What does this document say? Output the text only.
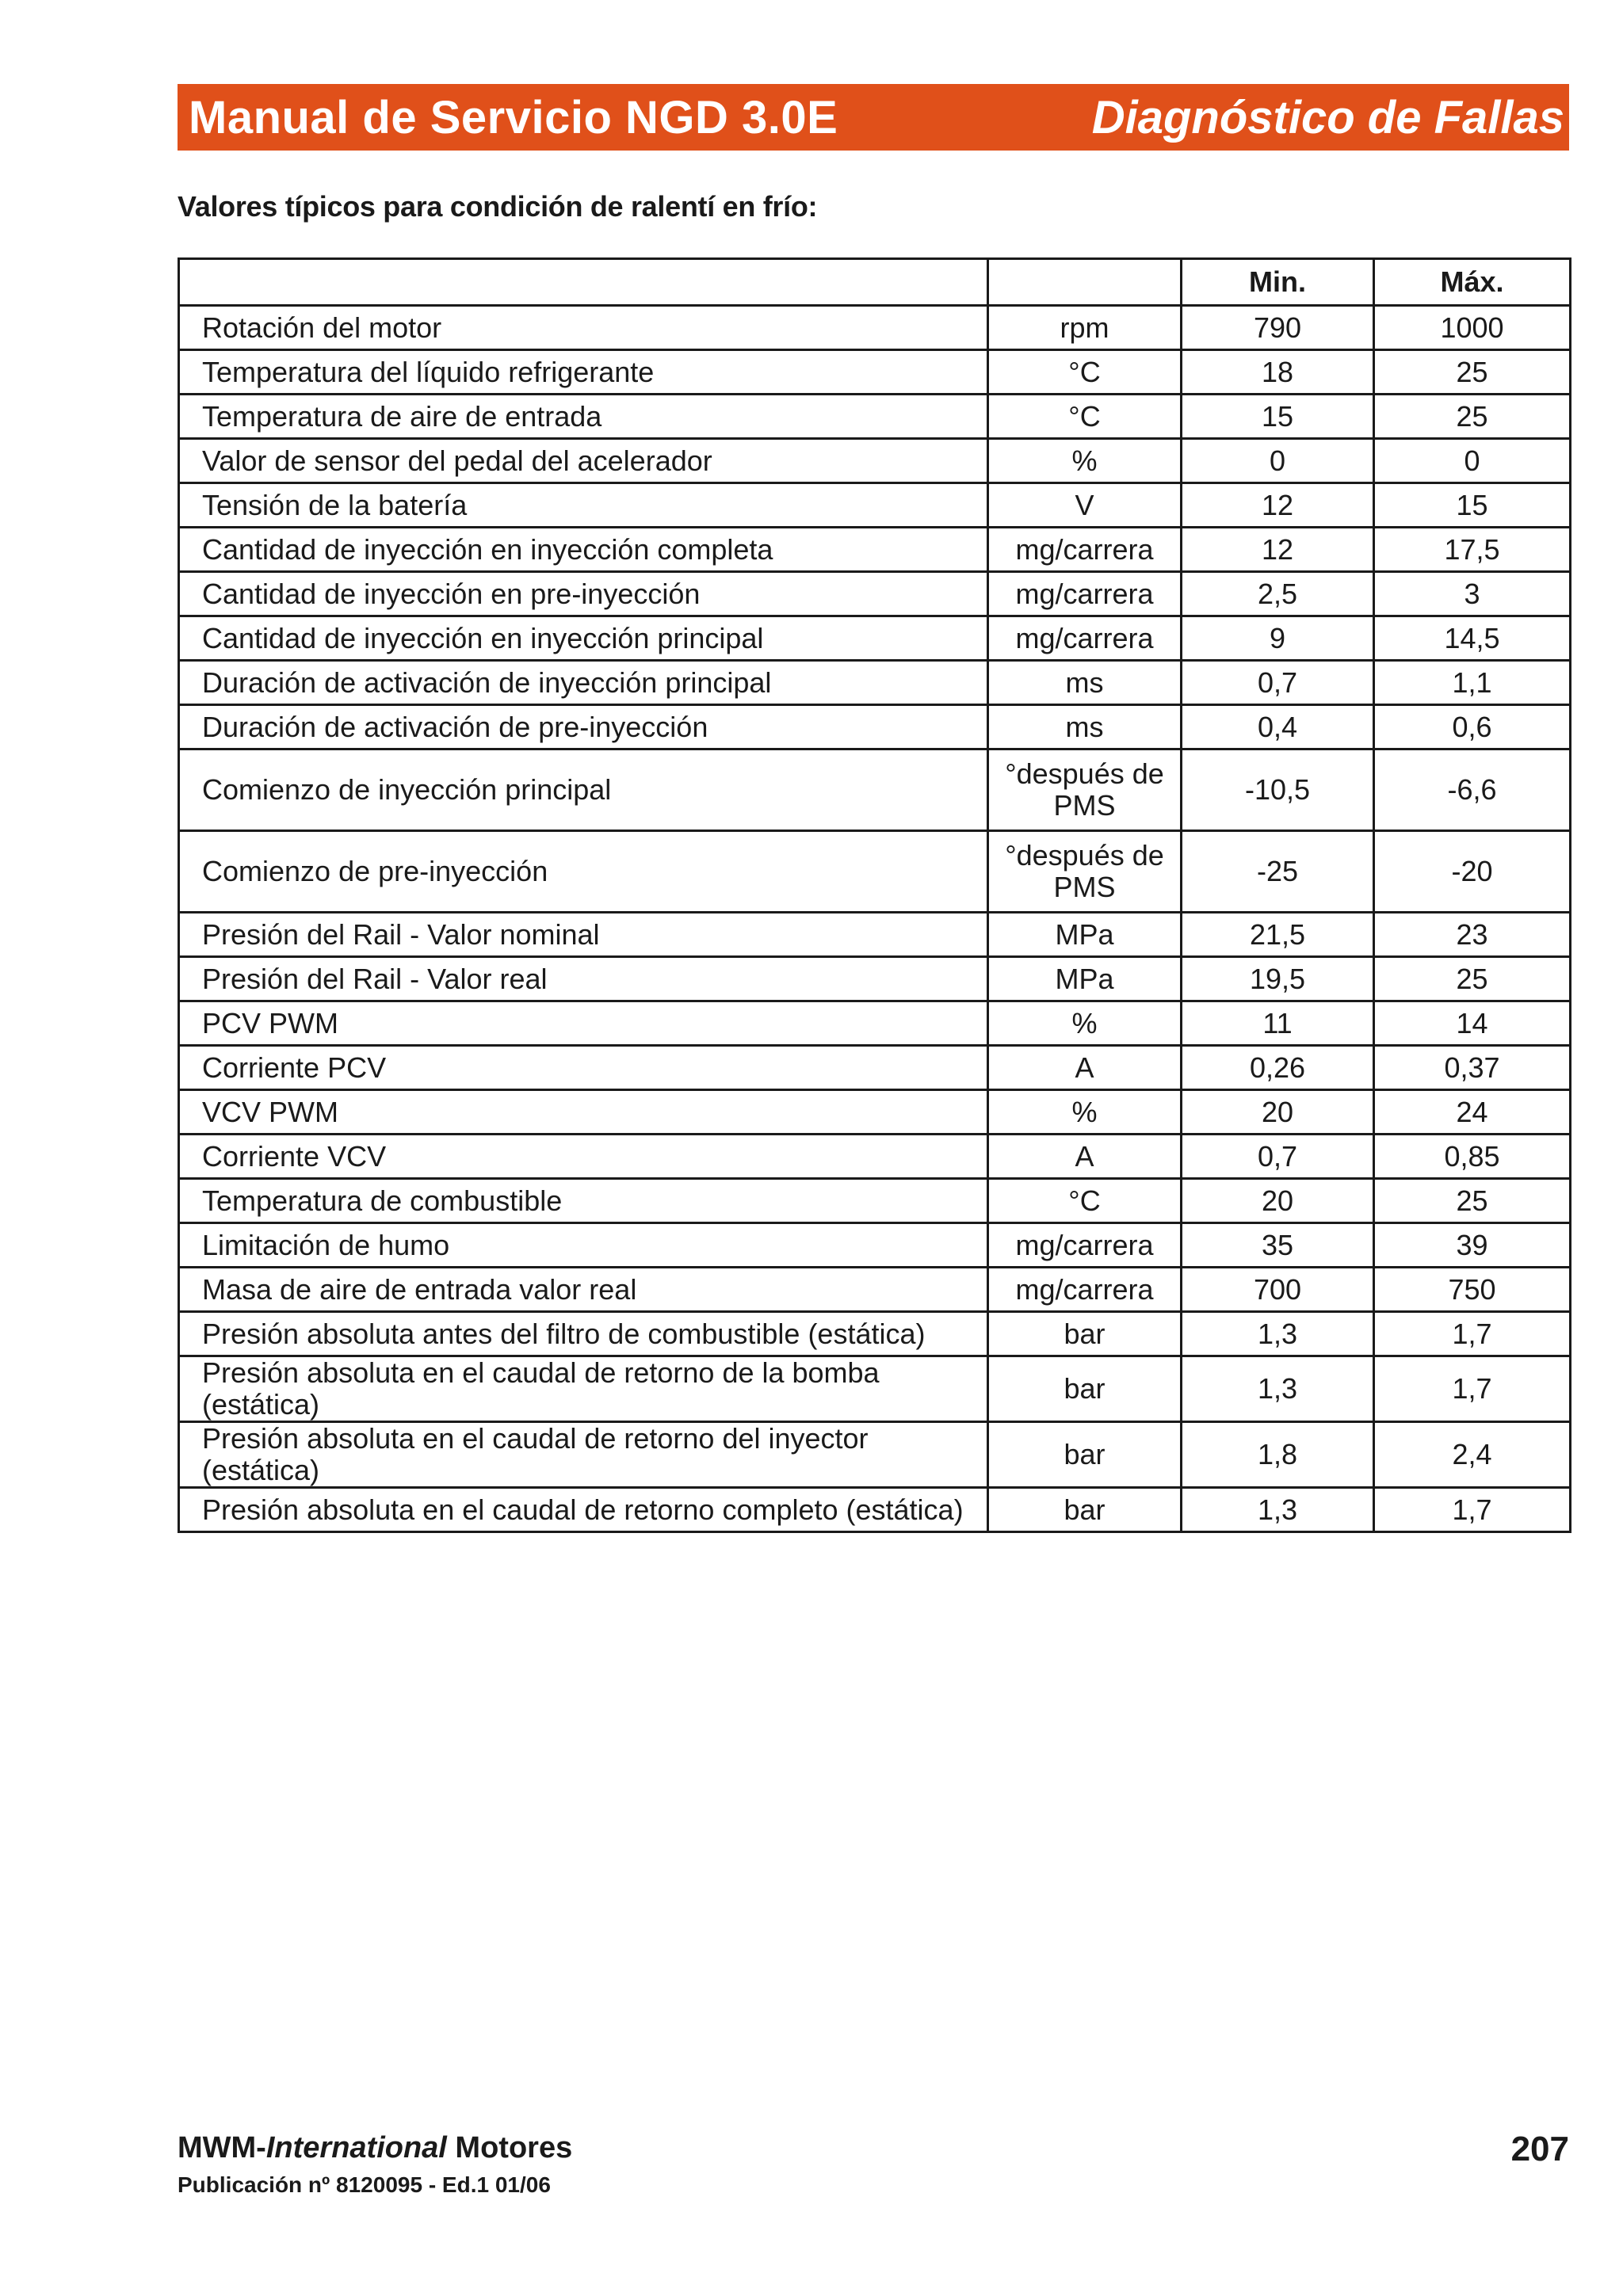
Manual de Servicio NGD 3.0E	Diagnóstico de Fallas
Valores típicos para condición de ralentí en frío:
		Min.	Máx.
Rotación del motor	rpm	790	1000
Temperatura del líquido refrigerante	°C	18	25
Temperatura de aire de entrada	°C	15	25
Valor de sensor del pedal del acelerador	%	0	0
Tensión de la batería	V	12	15
Cantidad de inyección en inyección completa	mg/carrera	12	17,5
Cantidad de inyección en pre-inyección	mg/carrera	2,5	3
Cantidad de inyección en inyección principal	mg/carrera	9	14,5
Duración de activación de inyección principal	ms	0,7	1,1
Duración de activación de pre-inyección	ms	0,4	0,6
Comienzo de inyección principal	°después de PMS	-10,5	-6,6
Comienzo de pre-inyección	°después de PMS	-25	-20
Presión del Rail - Valor nominal	MPa	21,5	23
Presión del Rail - Valor real	MPa	19,5	25
PCV PWM	%	11	14
Corriente PCV	A	0,26	0,37
VCV PWM	%	20	24
Corriente VCV	A	0,7	0,85
Temperatura de combustible	°C	20	25
Limitación de humo	mg/carrera	35	39
Masa de aire de entrada valor real	mg/carrera	700	750
Presión absoluta antes del filtro de combustible (estática)	bar	1,3	1,7
Presión absoluta en el caudal de retorno de la bomba (estática)	bar	1,3	1,7
Presión absoluta en el caudal de retorno del inyector (estática)	bar	1,8	2,4
Presión absoluta en el caudal de retorno completo (estática)	bar	1,3	1,7
MWM-International Motores
Publicación nº 8120095 - Ed.1 01/06
207
